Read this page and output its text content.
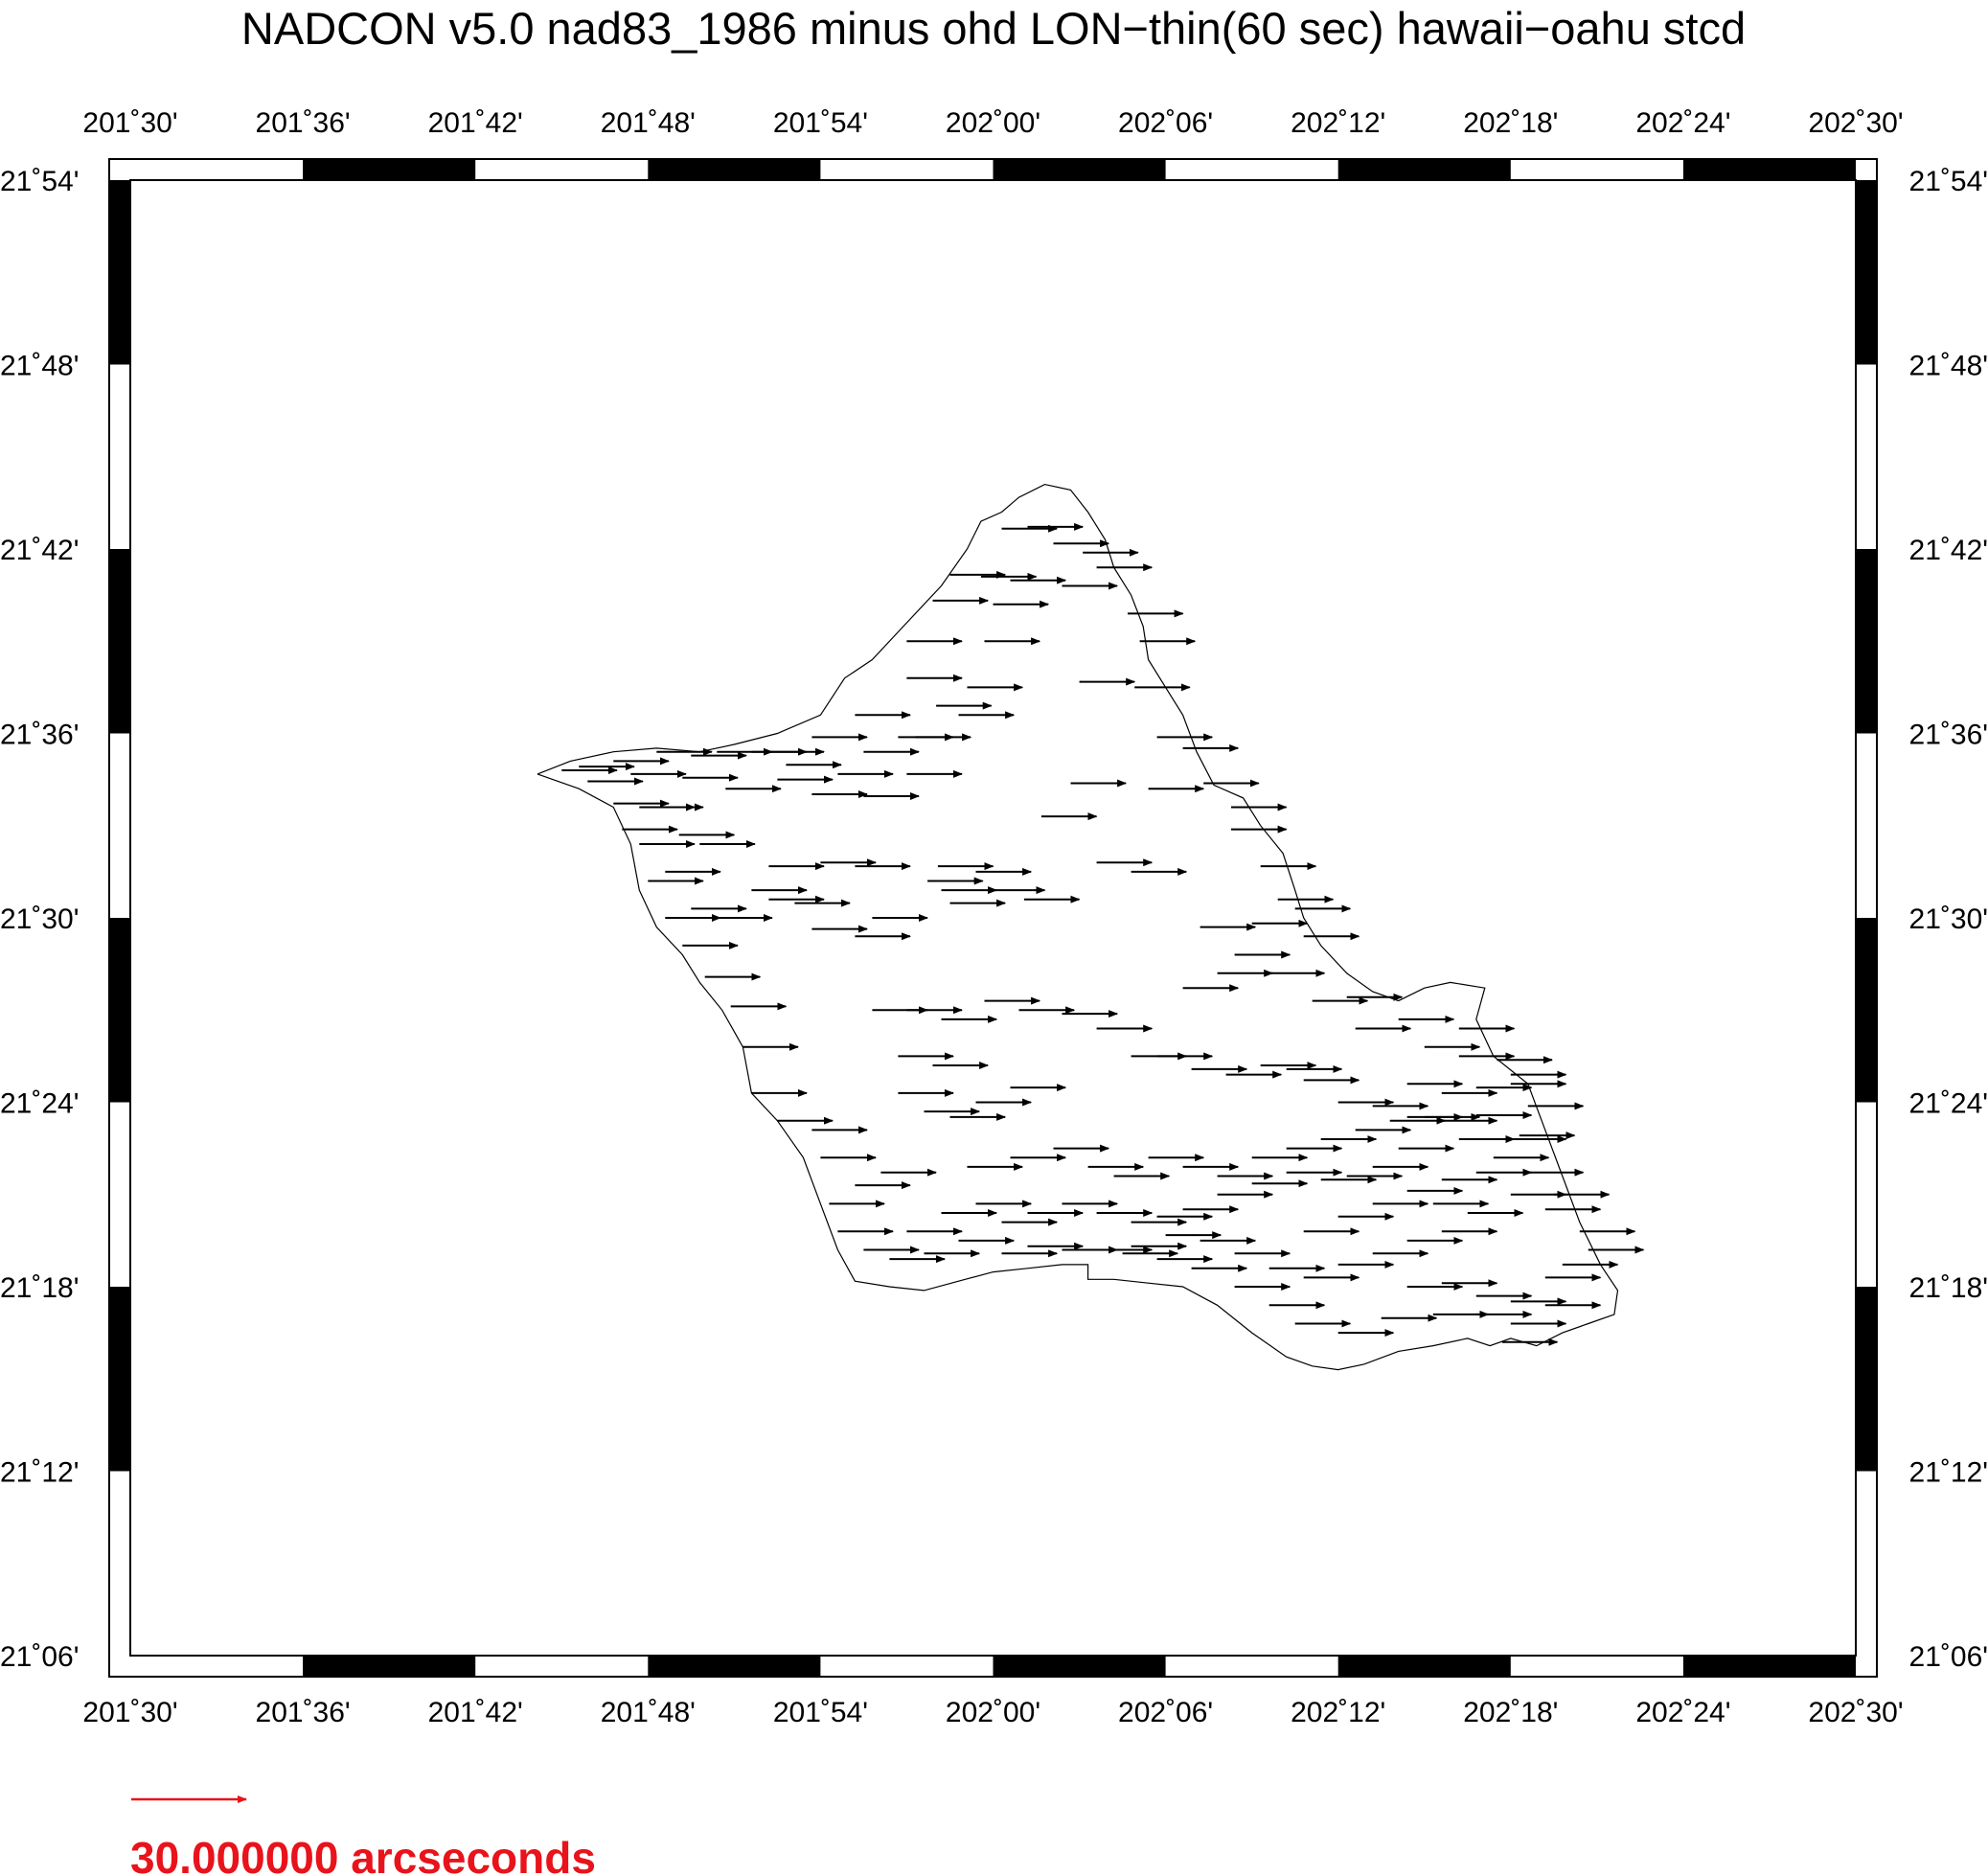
NADCON v5.0 nad83_1986 minus ohd LON−thin(60 sec) hawaii−oahu stcd
201˚30'
201˚30'
201˚36'
201˚36'
201˚42'
201˚42'
201˚48'
201˚48'
201˚54'
201˚54'
202˚00'
202˚00'
202˚06'
202˚06'
202˚12'
202˚12'
202˚18'
202˚18'
202˚24'
202˚24'
202˚30'
202˚30'
21˚54'	21˚54'
21˚48'	21˚48'
21˚42'	21˚42'
21˚36'	21˚36'
21˚30'	21˚30'
21˚24'	21˚24'
21˚18'	21˚18'
21˚12'	21˚12'
21˚06'	21˚06'
30.000000 arcseconds
